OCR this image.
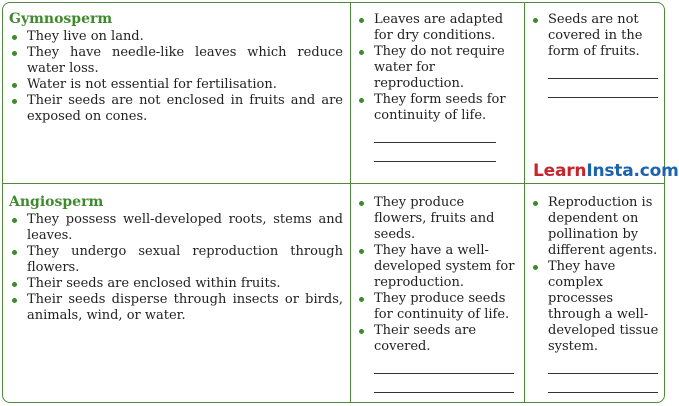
Gymnosperm
They live on land.
They have needle-like leaves which reduce water loss.
Water is not essential for fertilisation.
Their seeds are not enclosed in fruits and are exposed on cones.
Leaves are adapted for dry conditions.
They do not require water for reproduction.
They form seeds for continuity of life.
Seeds are not covered in the form of fruits.
LearnInsta.com
Angiosperm
They possess well-developed roots, stems and leaves.
They undergo sexual reproduction through flowers.
Their seeds are enclosed within fruits.
Their seeds disperse through insects or birds, animals, wind, or water.
They produce flowers, fruits and seeds.
They have a well-developed system for reproduction.
They produce seeds for continuity of life.
Their seeds are covered.
Reproduction is dependent on pollination by different agents.
They have complex processes through a well-developed tissue system.
